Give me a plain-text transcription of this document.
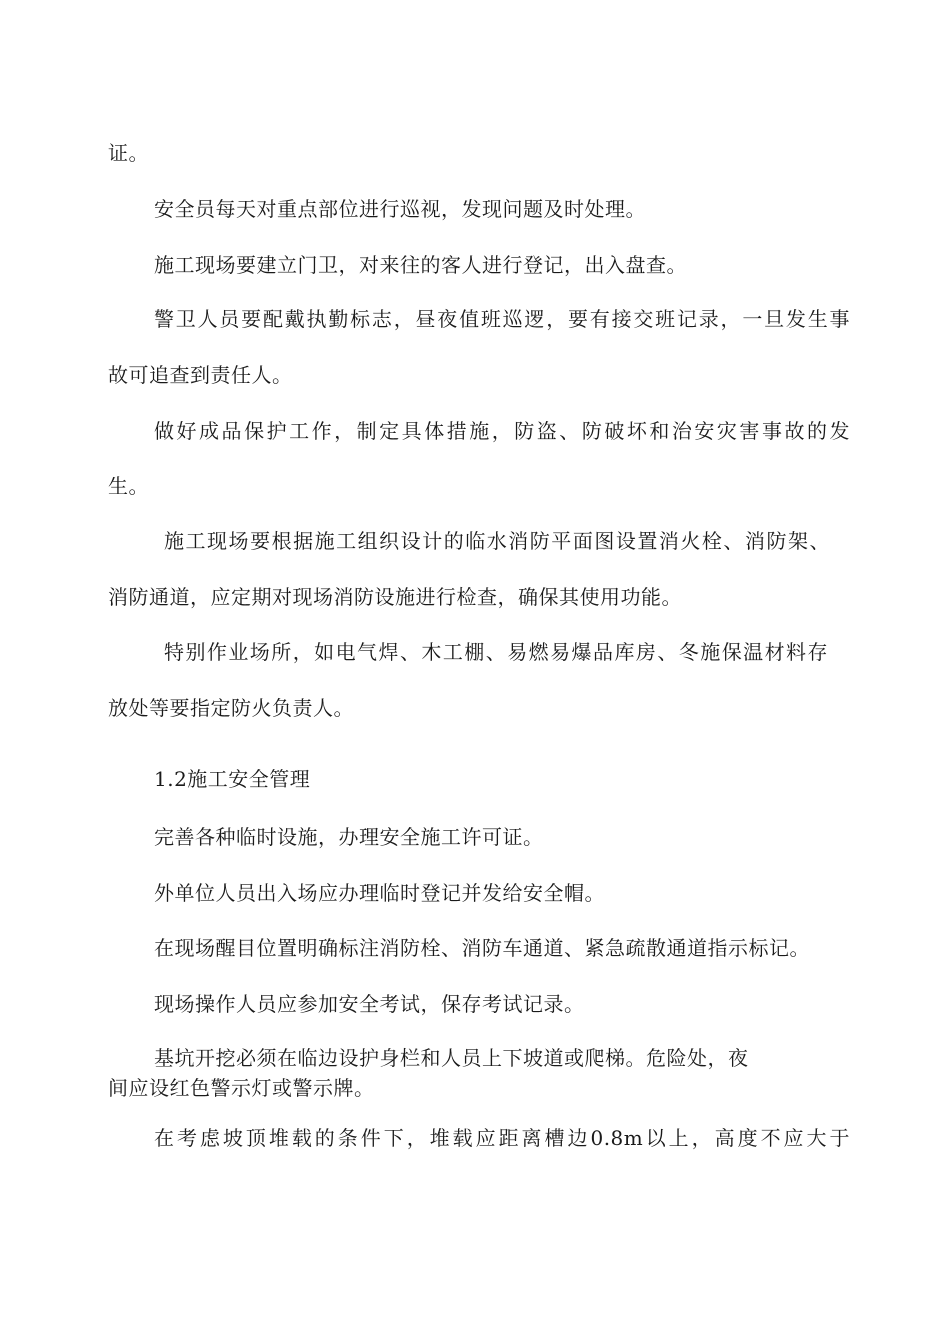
证。
安全员每天对重点部位进行巡视，发现问题及时处理。
施工现场要建立门卫，对来往的客人进行登记，出入盘查。
警卫人员要配戴执勤标志，昼夜值班巡逻，要有接交班记录，一旦发生事
故可追查到责任人。
做好成品保护工作，制定具体措施，防盗、防破坏和治安灾害事故的发
生。
施工现场要根据施工组织设计的临水消防平面图设置消火栓、消防架、
消防通道，应定期对现场消防设施进行检查，确保其使用功能。
特别作业场所，如电气焊、木工棚、易燃易爆品库房、冬施保温材料存
放处等要指定防火负责人。
1.2施工安全管理
完善各种临时设施，办理安全施工许可证。
外单位人员出入场应办理临时登记并发给安全帽。
在现场醒目位置明确标注消防栓、消防车通道、紧急疏散通道指示标记。
现场操作人员应参加安全考试，保存考试记录。
基坑开挖必须在临边设护身栏和人员上下坡道或爬梯。危险处，夜
间应设红色警示灯或警示牌。
在考虑坡顶堆载的条件下，堆载应距离槽边0.8m以上，高度不应大于
